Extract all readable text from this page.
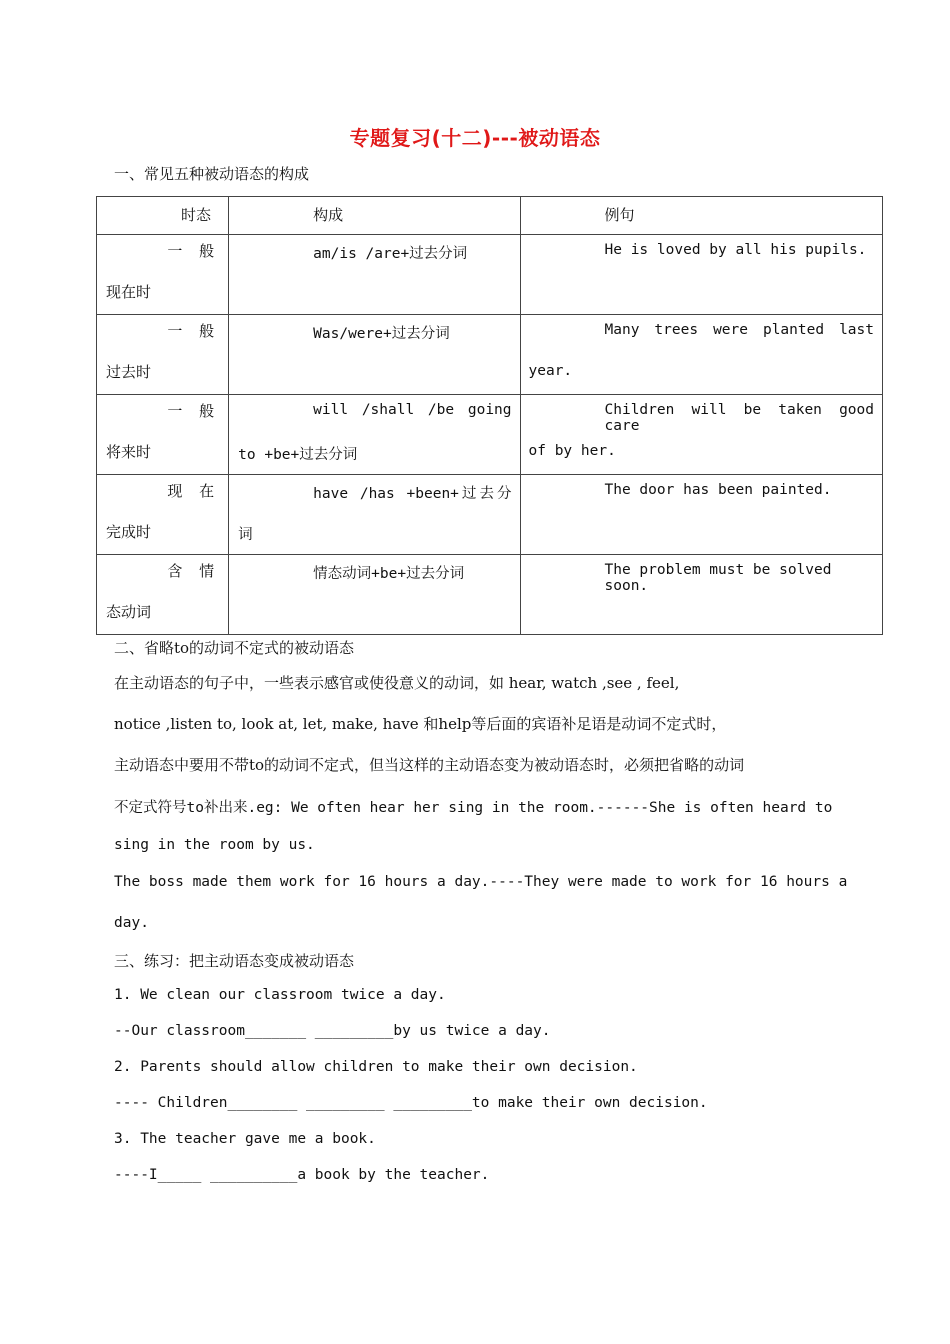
专题复习(十二)---被动语态
一、常见五种被动语态的构成
时态	构成	例句

一 般
现在时	am/is /are+过去分词	He is loved by all his pupils.

一 般
过去时	Was/were+过去分词	Many trees were planted last
year.

一 般
将来时	will /shall /be going
to +be+过去分词	Children will be taken good care
of by her.

现 在
完成时	have /has +been+过去分
词	The door has been painted.

含 情
态动词	情态动词+be+过去分词	The problem must be solved soon.
二、省略to的动词不定式的被动语态
在主动语态的句子中，一些表示感官或使役意义的动词，如 hear, watch ,see , feel,
notice ,listen to, look at, let, make, have 和help等后面的宾语补足语是动词不定式时，
主动语态中要用不带to的动词不定式，但当这样的主动语态变为被动语态时，必须把省略的动词
不定式符号to补出来.eg: We often hear her sing in the room.------She is often heard to
sing in the room by us.
The boss made them work for 16 hours a day.----They were made to work for 16 hours a
day.
三、练习：把主动语态变成被动语态
1. We clean our classroom twice a day.
--Our classroom_______ _________by us twice a day.
2. Parents should allow children to make their own decision.
---- Children________ _________ _________to make their own decision.
3. The teacher gave me a book.
----I_____ __________a book by the teacher.
